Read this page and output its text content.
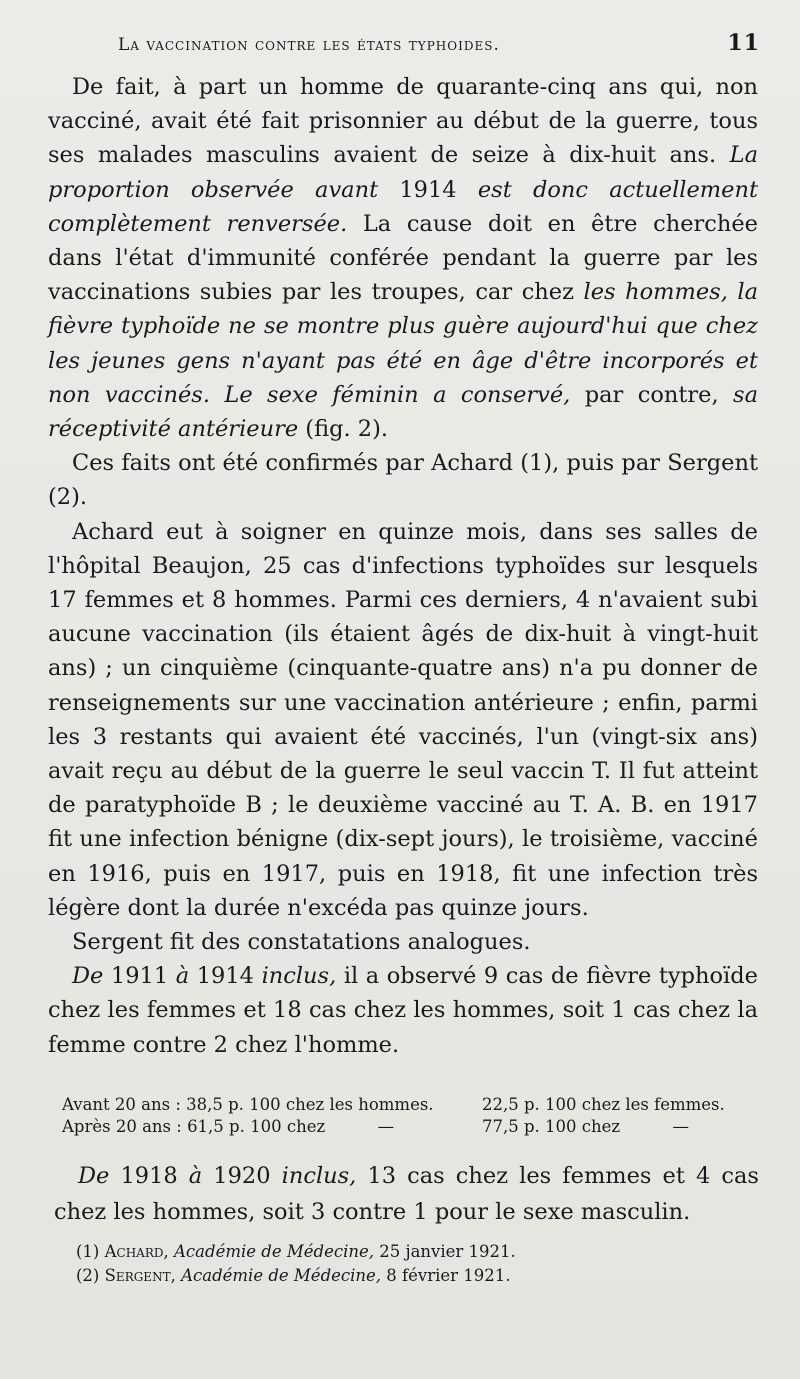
La vaccination contre les états typhoides.	11

De fait, à part un homme de quarante-cinq ans qui, non vacciné, avait été fait prisonnier au début de la guerre, tous ses malades masculins avaient de seize à dix-huit ans. La proportion observée avant 1914 est donc actuellement complètement renversée. La cause doit en être cherchée dans l'état d'immunité conférée pendant la guerre par les vaccinations subies par les troupes, car chez les hommes, la fièvre typhoïde ne se montre plus guère aujourd'hui que chez les jeunes gens n'ayant pas été en âge d'être incorporés et non vaccinés. Le sexe féminin a conservé, par contre, sa réceptivité antérieure (fig. 2).

Ces faits ont été confirmés par Achard (1), puis par Sergent (2).

Achard eut à soigner en quinze mois, dans ses salles de l'hôpital Beaujon, 25 cas d'infections typhoïdes sur lesquels 17 femmes et 8 hommes. Parmi ces derniers, 4 n'avaient subi aucune vaccination (ils étaient âgés de dix-huit à vingt-huit ans) ; un cinquième (cinquante-quatre ans) n'a pu donner de renseignements sur une vaccination antérieure ; enfin, parmi les 3 restants qui avaient été vaccinés, l'un (vingt-six ans) avait reçu au début de la guerre le seul vaccin T. Il fut atteint de paratyphoïde B ; le deuxième vacciné au T. A. B. en 1917 fit une infection bénigne (dix-sept jours), le troisième, vacciné en 1916, puis en 1917, puis en 1918, fit une infection très légère dont la durée n'excéda pas quinze jours.

Sergent fit des constatations analogues.

De 1911 à 1914 inclus, il a observé 9 cas de fièvre typhoïde chez les femmes et 18 cas chez les hommes, soit 1 cas chez la femme contre 2 chez l'homme.

Avant 20 ans : 38,5 p. 100 chez les hommes.	22,5 p. 100 chez les femmes.
Après 20 ans : 61,5 p. 100 chez          —	77,5 p. 100 chez          —

De 1918 à 1920 inclus, 13 cas chez les femmes et 4 cas chez les hommes, soit 3 contre 1 pour le sexe masculin.

(1) Achard, Académie de Médecine, 25 janvier 1921.
(2) Sergent, Académie de Médecine, 8 février 1921.
